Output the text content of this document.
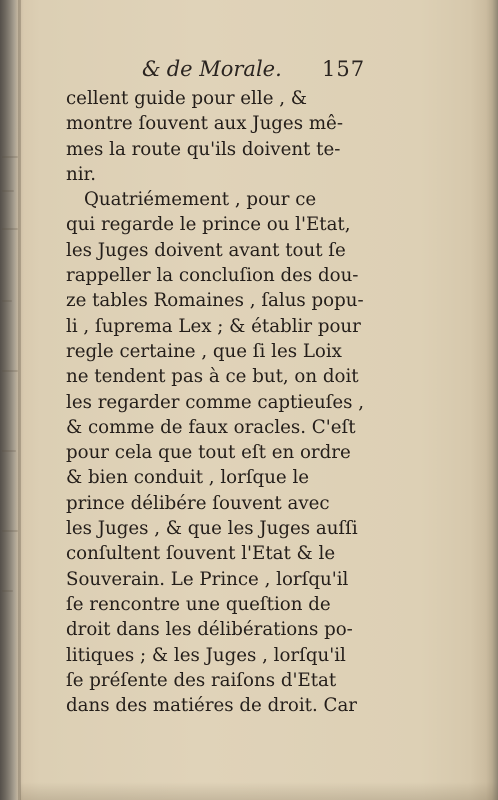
& de Morale. 157
cellent guide pour elle , &
montre ſouvent aux Juges mê-
mes la route qu'ils doivent te-
nir.
Quatriémement , pour ce
qui regarde le prince ou l'Etat,
les Juges doivent avant tout ſe
rappeller la concluſion des dou-
ze tables Romaines , ſalus popu-
li , ſuprema Lex ; & établir pour
regle certaine , que ſi les Loix
ne tendent pas à ce but, on doit
les regarder comme captieuſes ,
& comme de faux oracles. C'eſt
pour cela que tout eſt en ordre
& bien conduit , lorſque le
prince délibére ſouvent avec
les Juges , & que les Juges auſſi
conſultent ſouvent l'Etat & le
Souverain. Le Prince , lorſqu'il
ſe rencontre une queſtion de
droit dans les délibérations po-
litiques ; & les Juges , lorſqu'il
ſe préſente des raiſons d'Etat
dans des matiéres de droit. Car
